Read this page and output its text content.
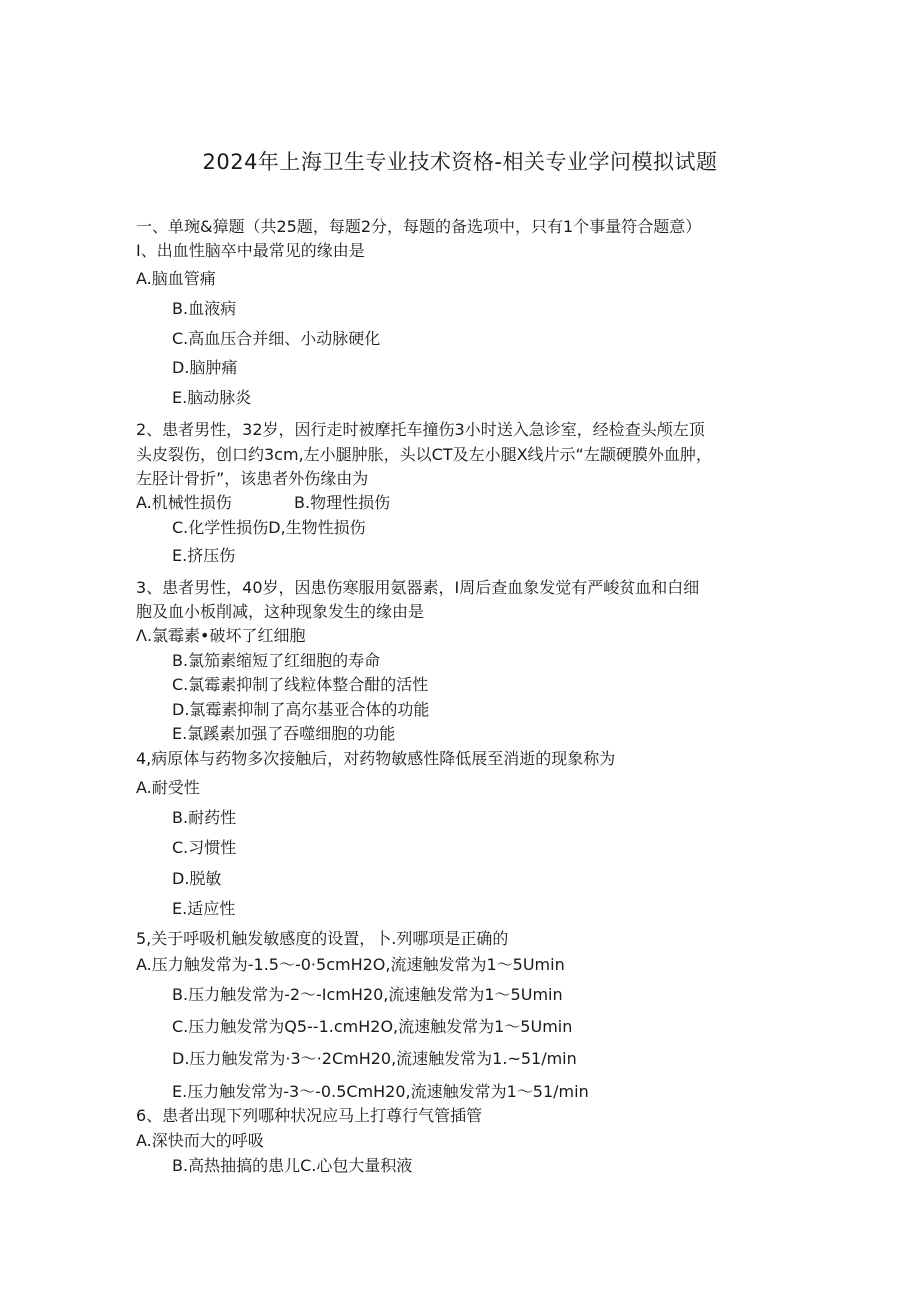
2024年上海卫生专业技术资格-相关专业学问模拟试题
一、单琬&獐题（共25题，每题2分，每题的备选项中，只有1个事量符合题意）
I、出血性脑卒中最常见的缘由是
A.脑血管痛
B.血液病
C.高血压合并细、小动脉硬化
D.脑肿痛
E.脑动脉炎
2、患者男性，32岁，因行走时被摩托车撞伤3小时送入急诊室，经检查头颅左顶
头皮裂伤，创口约3cm,左小腿肿胀，头以CT及左小腿X线片示“左颛硬膜外血肿，
左胫计骨折”，该患者外伤缘由为
A.机械性损伤	B.物理性损伤
C.化学性损伤D,生物性损伤
E.挤压伤
3、患者男性，40岁，因患伤寒服用氨器素，I周后查血象发觉有严峻贫血和白细
胞及血小板削减，这种现象发生的缘由是
Λ.氯霉素•破坏了红细胞
B.氯笳素缩短了红细胞的寿命
C.氯霉素抑制了线粒体整合酣的活性
D.氯霉素抑制了高尔基亚合体的功能
E.氯蹊素加强了吞噬细胞的功能
4,病原体与药物多次接触后，对药物敏感性降低展至消逝的现象称为
A.耐受性
B.耐药性
C.习惯性
D.脱敏
E.适应性
5,关于呼吸机触发敏感度的设置，卜.列哪项是正确的
A.压力触发常为-1.5〜-0·5cmH2O,流速触发常为1〜5Umin
B.压力触发常为-2〜-IcmH20,流速触发常为1〜5Umin
C.压力触发常为Q5--1.cmH2O,流速触发常为1〜5Umin
D.压力触发常为·3〜·2CmH20,流速触发常为1.~51∕min
E.压力触发常为-3〜-0.5CmH20,流速触发常为1〜51∕min
6、患者出现下列哪种状况应马上打尊行气管插管
A.深快而大的呼吸
B.高热抽搞的患儿C.心包大量积液
